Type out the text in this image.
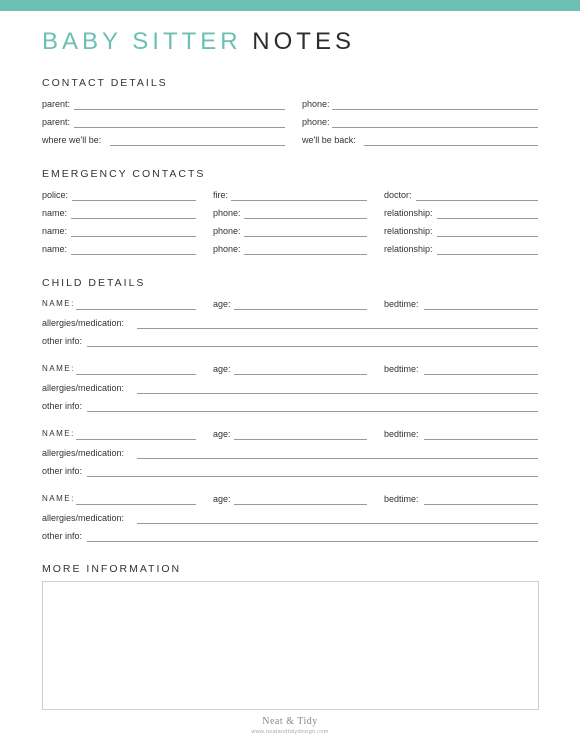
BABY SITTER NOTES
CONTACT DETAILS
parent:	phone:
parent:	phone:
where we'll be:	we'll be back:
EMERGENCY CONTACTS
police:	fire:	doctor:
name:	phone:	relationship:
name:	phone:	relationship:
name:	phone:	relationship:
CHILD DETAILS
NAME:	age:	bedtime:
allergies/medication:
other info:
NAME:	age:	bedtime:
allergies/medication:
other info:
NAME:	age:	bedtime:
allergies/medication:
other info:
NAME:	age:	bedtime:
allergies/medication:
other info:
MORE INFORMATION
Neat & Tidy
www.neatandtidydesign.com
